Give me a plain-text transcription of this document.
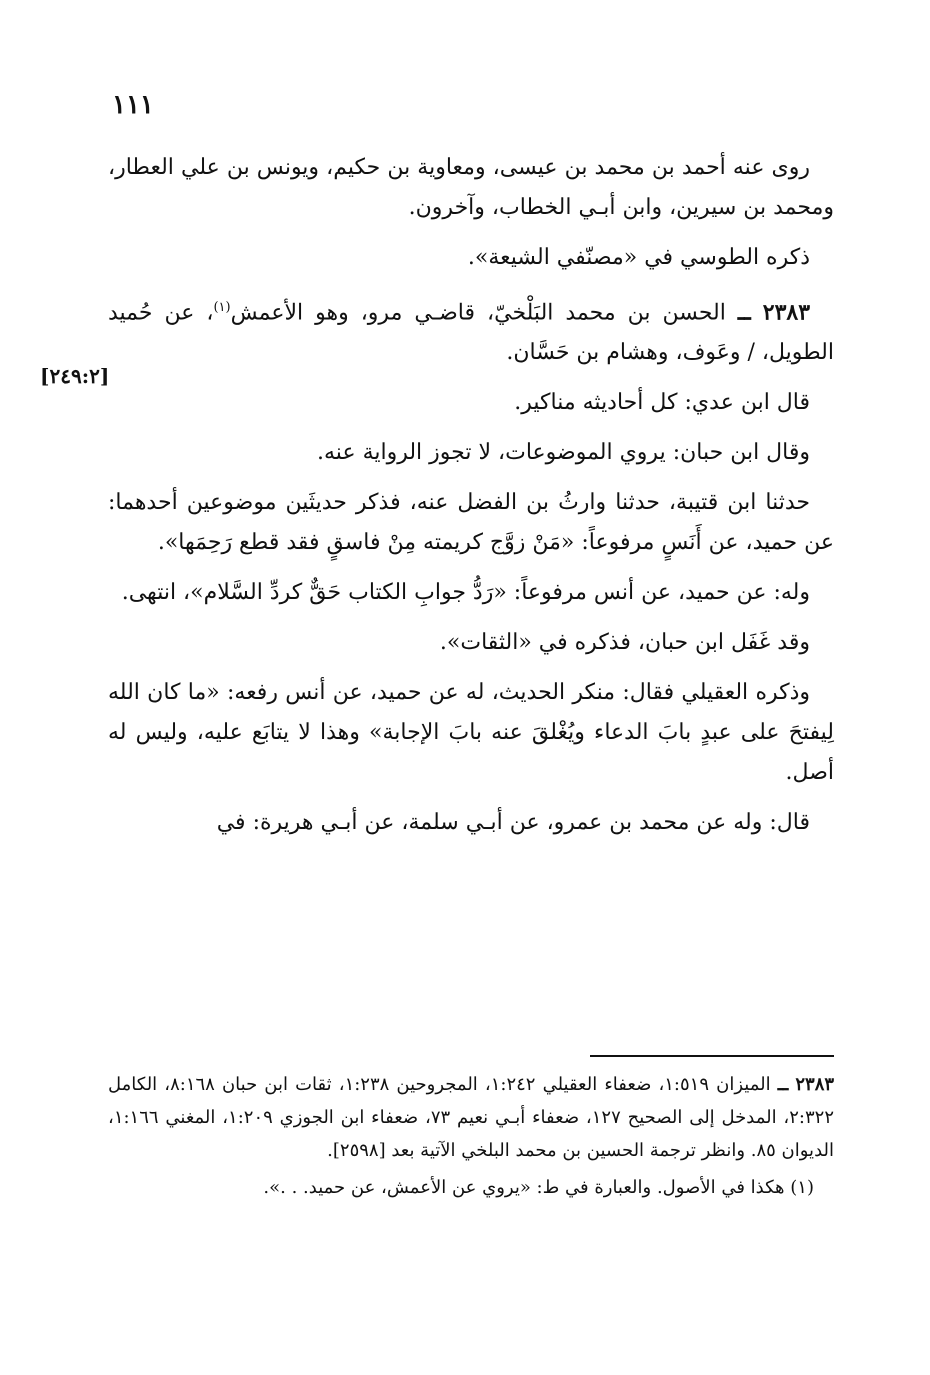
١١١
[٢٤٩:٢]

روى عنه أحمد بن محمد بن عيسى، ومعاوية بن حكيم، ويونس بن علي العطار، ومحمد بن سيرين، وابن أبـي الخطاب، وآخرون.

ذكره الطوسي في «مصنّفي الشيعة».

٢٣٨٣ ــ الحسن بن محمد البَلْخيّ، قاضـي مرو، وهو الأعمش$^{(١)}$، عن حُميد الطويل، / وعَوف، وهشام بن حَسَّان.

قال ابن عدي: كل أحاديثه مناكير.

وقال ابن حبان: يروي الموضوعات، لا تجوز الرواية عنه.

حدثنا ابن قتيبة، حدثنا وارثُ بن الفضل عنه، فذكر حديثَين موضوعين أحدهما: عن حميد، عن أَنَسٍ مرفوعاً: «مَنْ زوَّج كريمته مِنْ فاسقٍ فقد قطع رَحِمَها».

وله: عن حميد، عن أنس مرفوعاً: «رَدُّ جوابِ الكتاب حَقٌّ كردِّ السَّلام»، انتهى.

وقد غَفَل ابن حبان، فذكره في «الثقات».

وذكره العقيلي فقال: منكر الحديث، له عن حميد، عن أنس رفعه: «ما كان الله لِيفتحَ على عبدٍ بابَ الدعاء ويُغْلقَ عنه بابَ الإجابة» وهذا لا يتابَع عليه، وليس له أصل.

قال: وله عن محمد بن عمرو، عن أبـي سلمة، عن أبـي هريرة: في

٢٣٨٣ ــ الميزان ١:٥١٩، ضعفاء العقيلي ١:٢٤٢، المجروحين ١:٢٣٨، ثقات ابن حبان ٨:١٦٨، الكامل ٢:٣٢٢، المدخل إلى الصحيح ١٢٧، ضعفاء أبـي نعيم ٧٣، ضعفاء ابن الجوزي ١:٢٠٩، المغني ١:١٦٦، الديوان ٨٥. وانظر ترجمة الحسين بن محمد البلخي الآتية بعد [٢٥٩٨].

(١) هكذا في الأصول. والعبارة في ط: «يروي عن الأعمش، عن حميد. . .».
